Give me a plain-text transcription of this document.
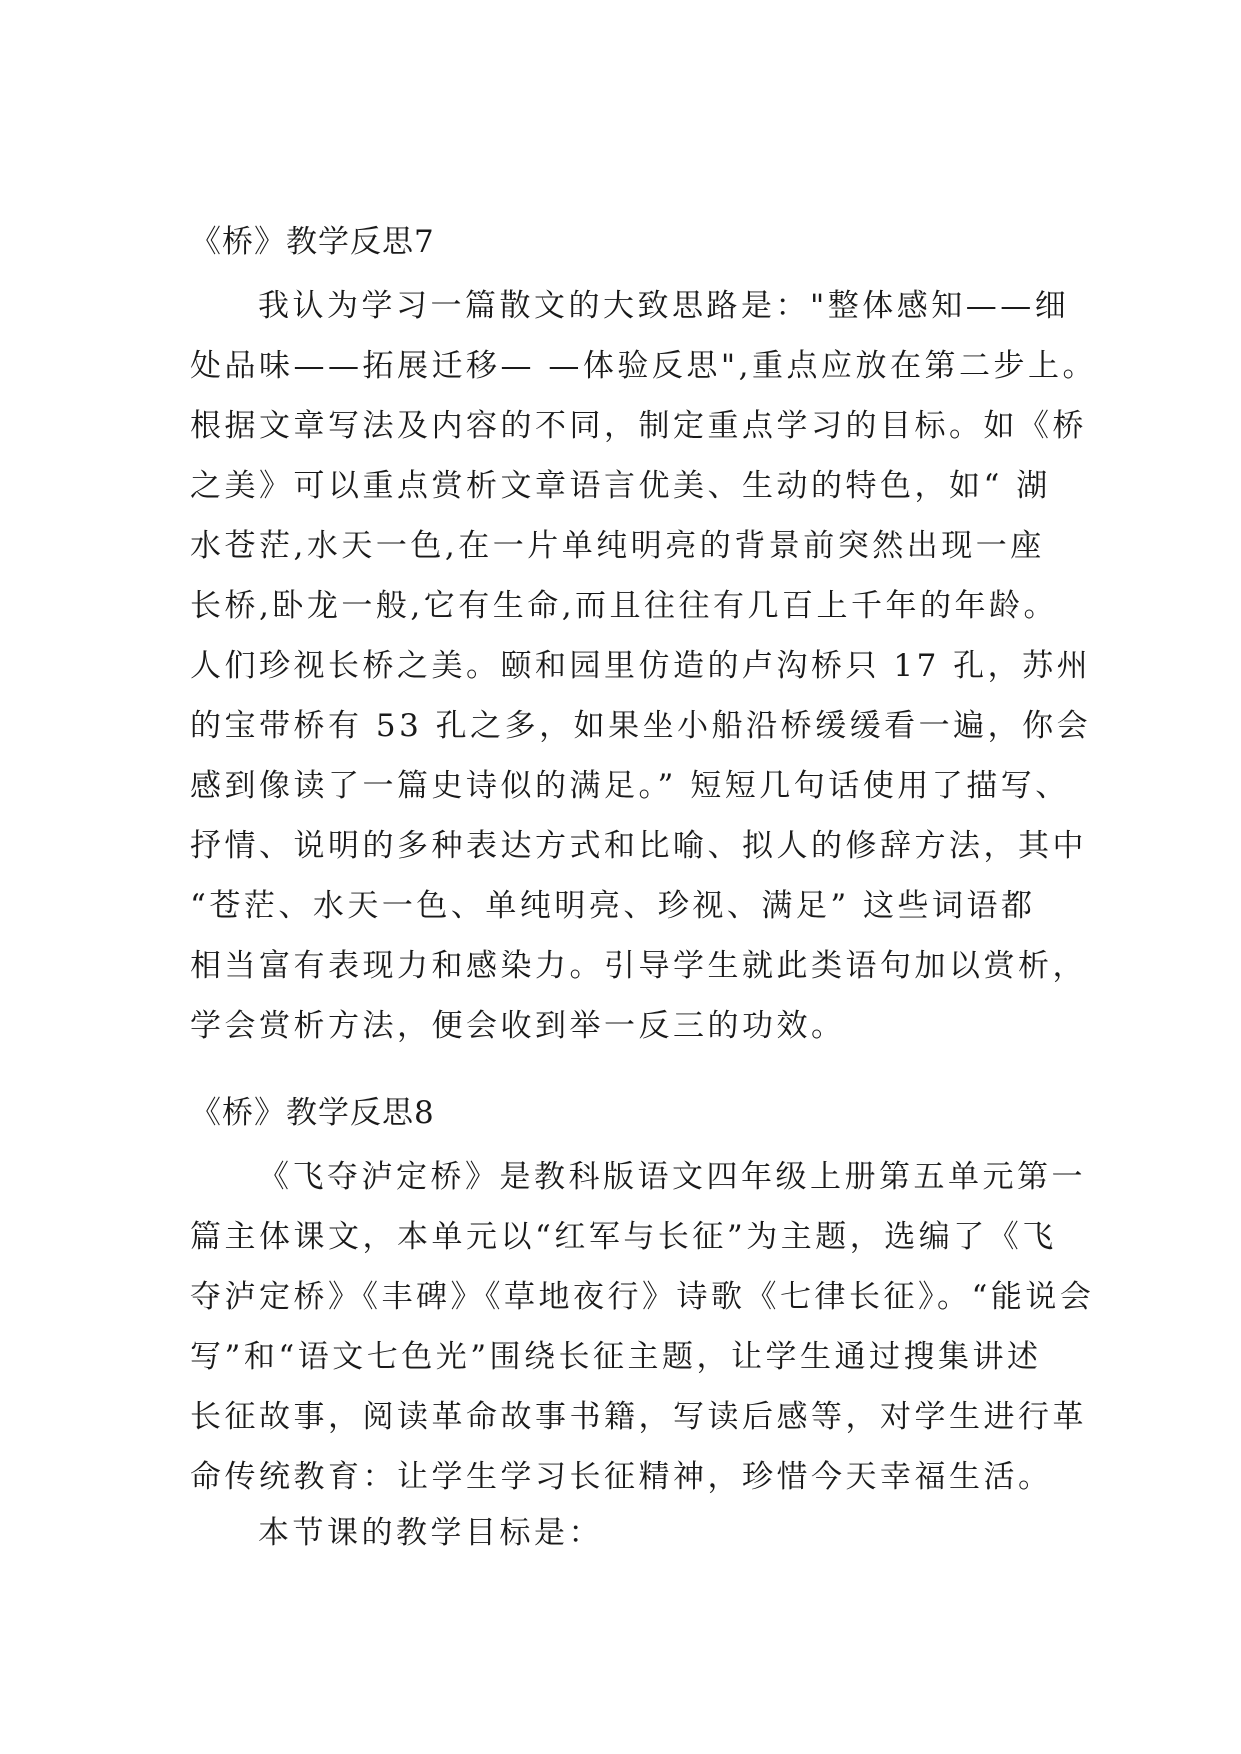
《桥》教学反思7
我认为学习一篇散文的大致思路是："整体感知——细
处品味——拓展迁移— —体验反思",重点应放在第二步上。
根据文章写法及内容的不同，制定重点学习的目标。如《桥
之美》可以重点赏析文章语言优美、生动的特色，如“ 湖
水苍茫,水天一色,在一片单纯明亮的背景前突然出现一座
长桥,卧龙一般,它有生命,而且往往有几百上千年的年龄。
人们珍视长桥之美。颐和园里仿造的卢沟桥只 17 孔，苏州
的宝带桥有 53 孔之多，如果坐小船沿桥缓缓看一遍，你会
感到像读了一篇史诗似的满足。” 短短几句话使用了描写、
抒情、说明的多种表达方式和比喻、拟人的修辞方法，其中
“苍茫、水天一色、单纯明亮、珍视、满足” 这些词语都
相当富有表现力和感染力。引导学生就此类语句加以赏析，
学会赏析方法，便会收到举一反三的功效。
《桥》教学反思8
《飞夺泸定桥》是教科版语文四年级上册第五单元第一
篇主体课文，本单元以“红军与长征”为主题，选编了《飞
夺泸定桥》《丰碑》《草地夜行》诗歌《七律长征》。“能说会
写”和“语文七色光”围绕长征主题，让学生通过搜集讲述
长征故事，阅读革命故事书籍，写读后感等，对学生进行革
命传统教育：让学生学习长征精神，珍惜今天幸福生活。
本节课的教学目标是：
